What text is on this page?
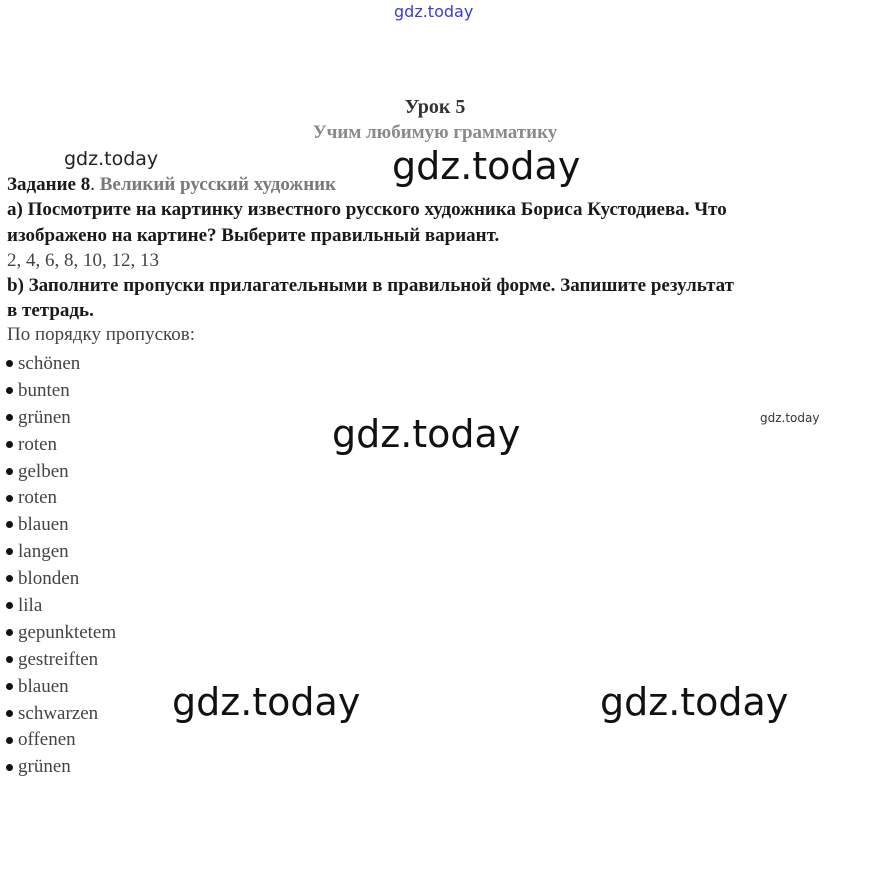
gdz.today
gdz.today	gdz.today
gdz.today
gdz.today
gdz.today	gdz.today
Урок 5
Учим любимую грамматику
Задание 8. Великий русский художник
a) Посмотрите на картинку известного русского художника Бориса Кустодиева. Что
изображено на картине? Выберите правильный вариант.
2, 4, 6, 8, 10, 12, 13
b) Заполните пропуски прилагательными в правильной форме. Запишите результат
в тетрадь.
По порядку пропусков:
schönen
bunten
grünen
roten
gelben
roten
blauen
langen
blonden
lila
gepunktetem
gestreiften
blauen
schwarzen
offenen
grünen
